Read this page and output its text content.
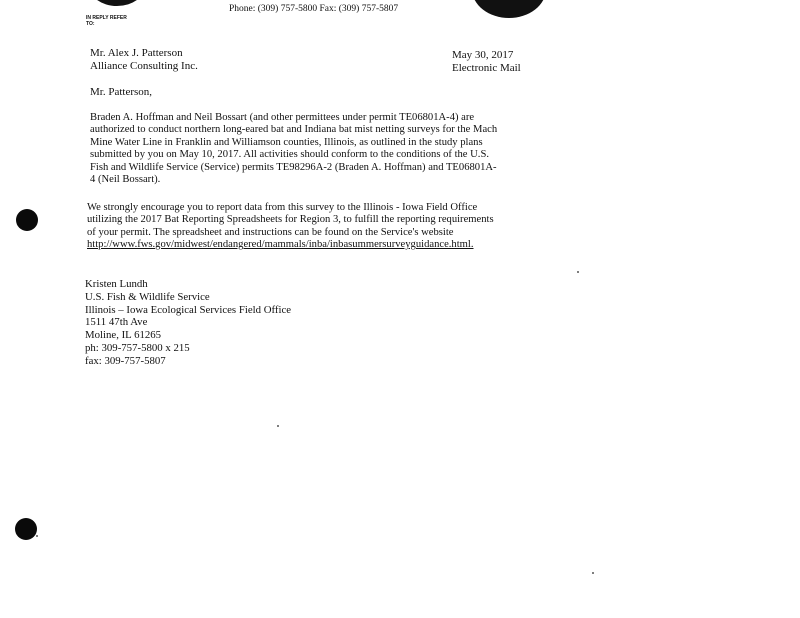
Phone: (309) 757-5800 Fax: (309) 757-5807
IN REPLY REFER
TO:
Mr. Alex J. Patterson
Alliance Consulting Inc.
May 30, 2017
Electronic Mail
Mr. Patterson,
Braden A. Hoffman and Neil Bossart (and other permittees under permit TE06801A-4) are
authorized to conduct northern long-eared bat and Indiana bat mist netting surveys for the Mach
Mine Water Line in Franklin and Williamson counties, Illinois, as outlined in the study plans
submitted by you on May 10, 2017. All activities should conform to the conditions of the U.S.
Fish and Wildlife Service (Service) permits TE98296A-2 (Braden A. Hoffman) and TE06801A-
4 (Neil Bossart).
We strongly encourage you to report data from this survey to the Illinois - Iowa Field Office
utilizing the 2017 Bat Reporting Spreadsheets for Region 3, to fulfill the reporting requirements
of your permit. The spreadsheet and instructions can be found on the Service's website
http://www.fws.gov/midwest/endangered/mammals/inba/inbasummersurveyguidance.html.
Kristen Lundh
U.S. Fish & Wildlife Service
Illinois – Iowa Ecological Services Field Office
1511 47th Ave
Moline, IL 61265
ph: 309-757-5800 x 215
fax: 309-757-5807
